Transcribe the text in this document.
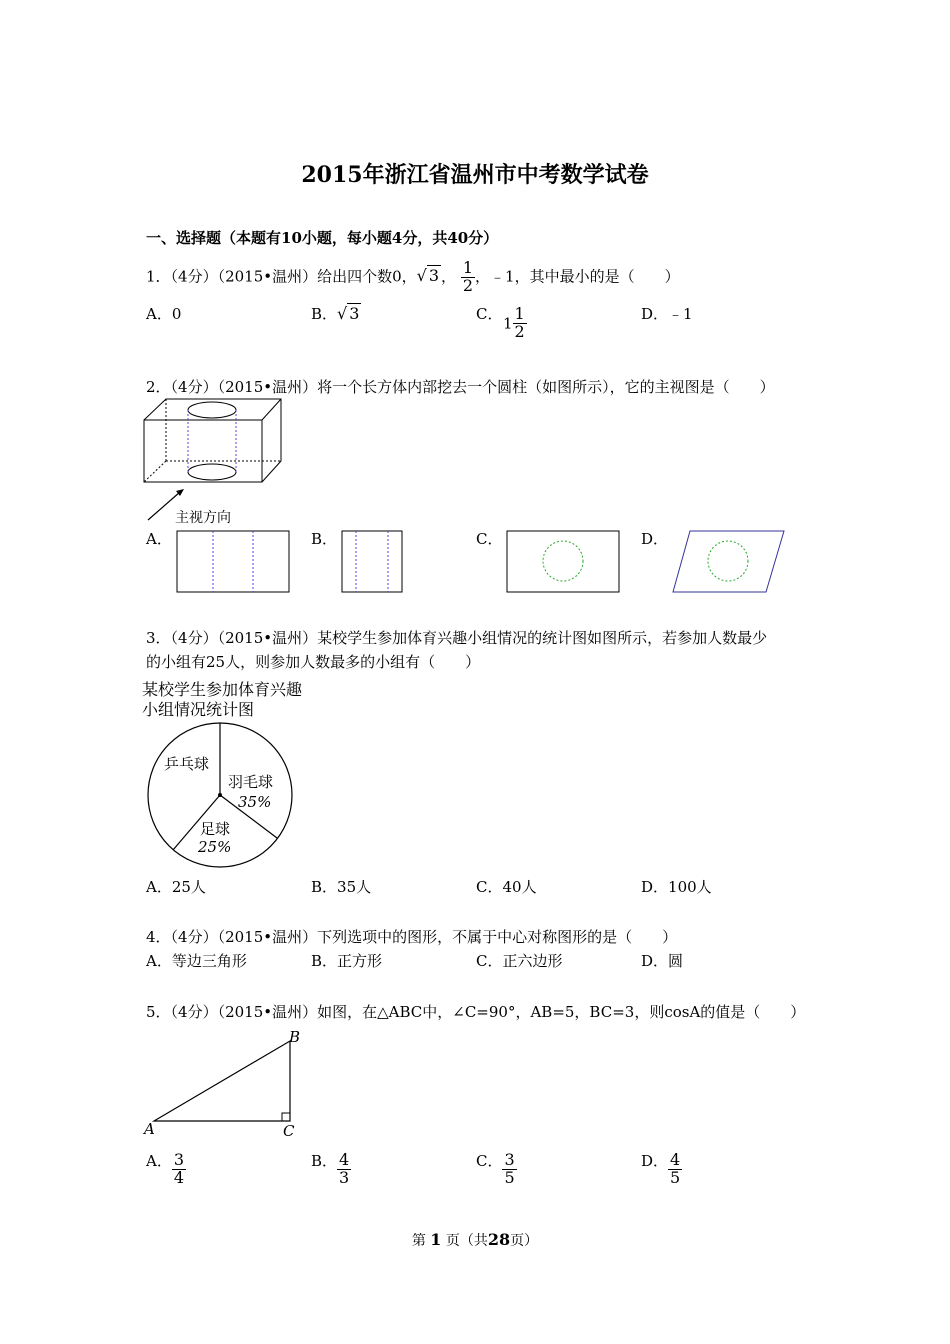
2015年浙江省温州市中考数学试卷
一、选择题（本题有10小题，每小题4分，共40分）
1．（4分）（2015•温州）给出四个数0，√ 3 ， $\frac{1}{2}$ ，﹣1，其中最小的是（　　）
A．0	B．√ 3	C．
$1 \frac{1}{2}$	D．﹣1
2．（4分）（2015•温州）将一个长方体内部挖去一个圆柱（如图所示），它的主视图是（　　）
主视方向
A．	B．	C．	D．
3．（4分）（2015•温州）某校学生参加体育兴趣小组情况的统计图如图所示，若参加人数最少
的小组有25人，则参加人数最多的小组有（　　）
某校学生参加体育兴趣
小组情况统计图
乒乓球
羽毛球
35%
足球
25%
A．25人	B．35人	C．40人	D．100人
4．（4分）（2015•温州）下列选项中的图形，不属于中心对称图形的是（　　）
A．等边三角形	B．正方形	C．正六边形	D．圆
5．（4分）（2015•温州）如图，在△ABC中，∠C=90°，AB=5，BC=3，则cosA的值是（　　）
A
B
C
A． $\frac{3}{4}$	B． $\frac{4}{3}$	C． $\frac{3}{5}$	D． $\frac{4}{5}$
第 1 页（共28页）
